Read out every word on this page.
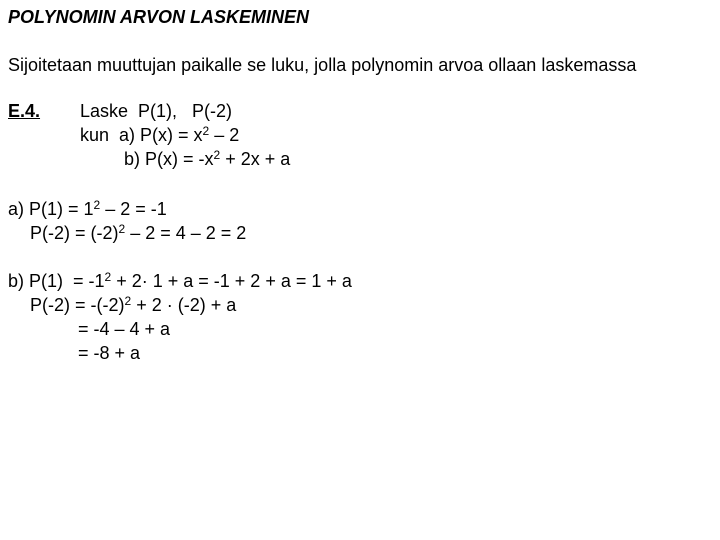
POLYNOMIN ARVON LASKEMINEN
Sijoitetaan muuttujan paikalle se luku, jolla polynomin arvoa ollaan laskemassa
E.4. Laske  P(1),   P(-2)
kun  a) $P(x) = x^2 - 2$
b) $P(x) = -x^2 + 2x + a$
a) $P(1) = 1^2 - 2 = -1$
$P(-2) = (-2)^2 - 2 = 4 - 2 = 2$
b) $P(1) = -1^2 + 2\cdot 1 + a = -1 + 2 + a = 1 + a$
$P(-2) = -(-2)^2 + 2 \cdot (-2) + a$
= -4 – 4 + a
= -8 + a
